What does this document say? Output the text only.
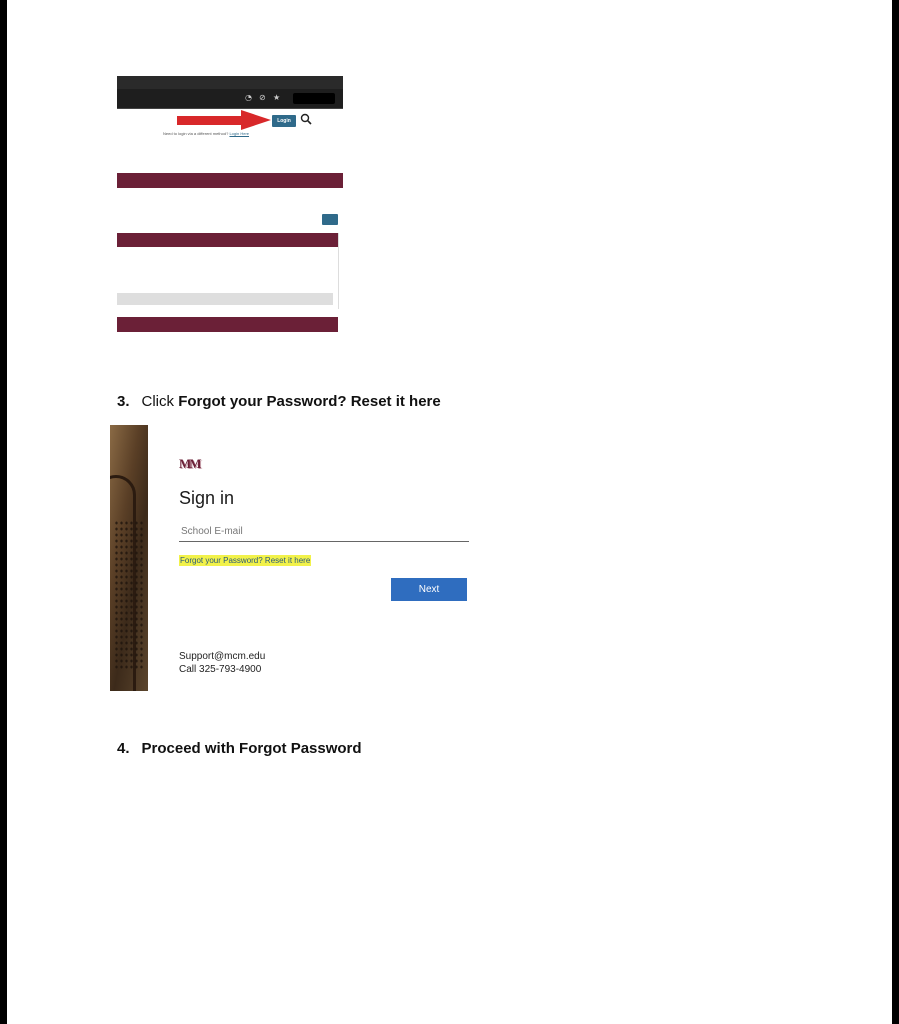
◔ ⊘ ★
Login
Need to login via a different method? Login Here
3. Click Forgot your Password? Reset it here
MM
Sign in
School E-mail
Forgot your Password? Reset it here
Next
Support@mcm.edu
Call 325-793-4900
4. Proceed with Forgot Password
